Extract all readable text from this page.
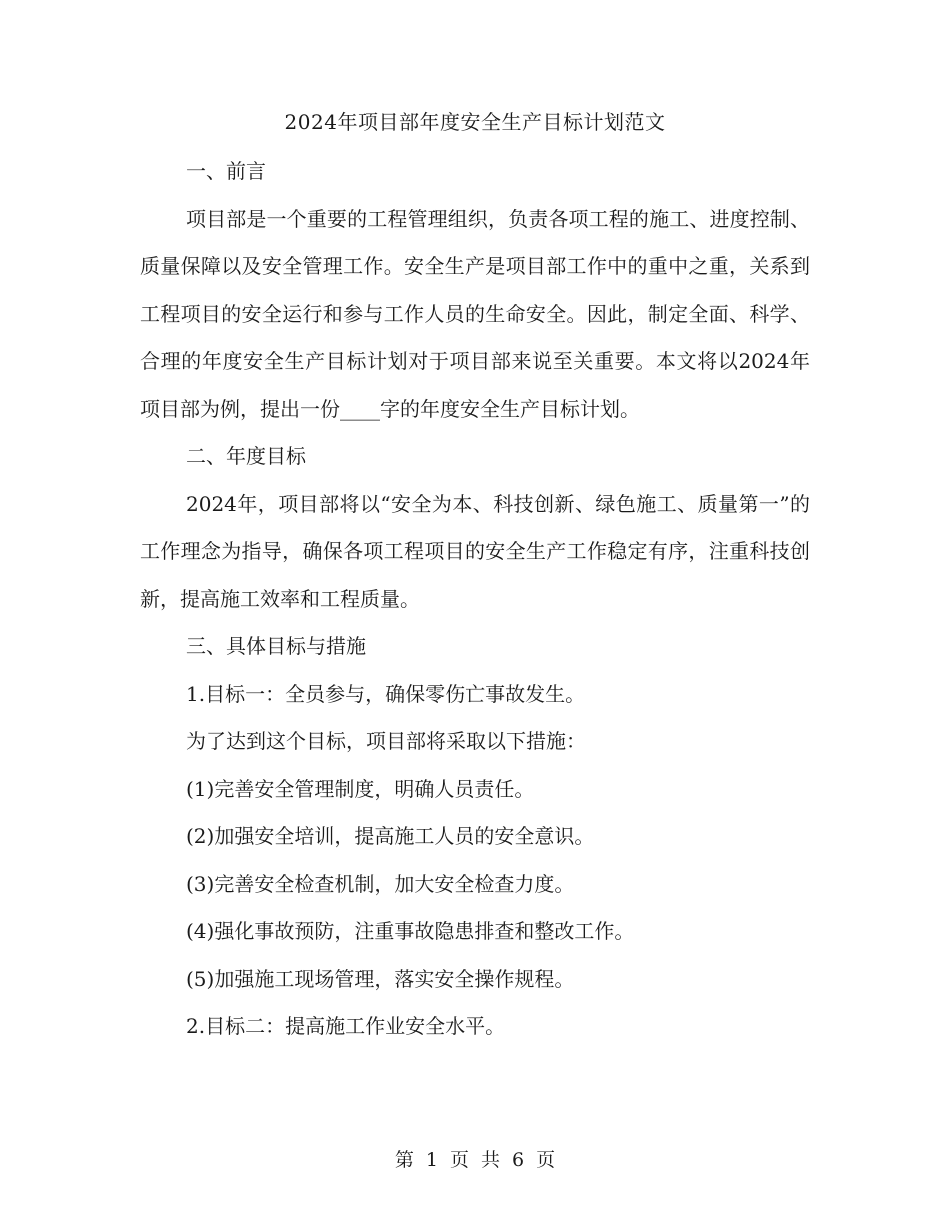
2024年项目部年度安全生产目标计划范文

一、前言

项目部是一个重要的工程管理组织，负责各项工程的施工、进度控制、质量保障以及安全管理工作。安全生产是项目部工作中的重中之重，关系到工程项目的安全运行和参与工作人员的生命安全。因此，制定全面、科学、合理的年度安全生产目标计划对于项目部来说至关重要。本文将以2024年项目部为例，提出一份____字的年度安全生产目标计划。

二、年度目标

2024年，项目部将以“安全为本、科技创新、绿色施工、质量第一”的工作理念为指导，确保各项工程项目的安全生产工作稳定有序，注重科技创新，提高施工效率和工程质量。

三、具体目标与措施

1.目标一：全员参与，确保零伤亡事故发生。

为了达到这个目标，项目部将采取以下措施：

(1)完善安全管理制度，明确人员责任。

(2)加强安全培训，提高施工人员的安全意识。

(3)完善安全检查机制，加大安全检查力度。

(4)强化事故预防，注重事故隐患排查和整改工作。

(5)加强施工现场管理，落实安全操作规程。

2.目标二：提高施工作业安全水平。

第 1 页 共 6 页
